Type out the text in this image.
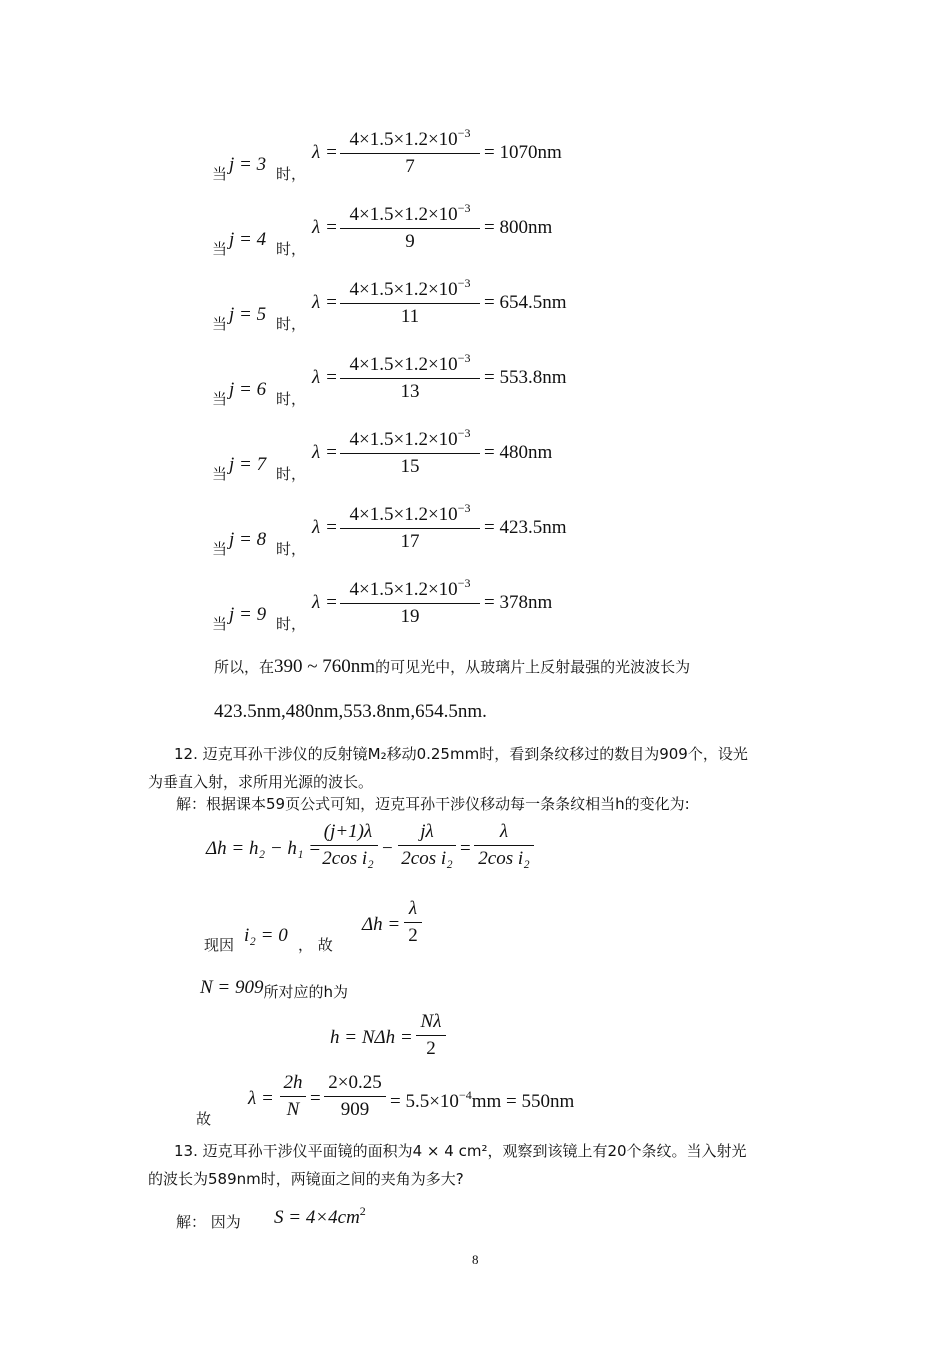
当 j = 3 时，
$\lambda = \frac{4\times 1.5\times 1.2\times 10^{-3}}{7} = 1070nm$
当 j = 4 时，
$\lambda = \frac{4\times 1.5\times 1.2\times 10^{-3}}{9} = 800nm$
当 j = 5 时，
$\lambda = \frac{4\times 1.5\times 1.2\times 10^{-3}}{11} = 654.5nm$
当 j = 6 时，
$\lambda = \frac{4\times 1.5\times 1.2\times 10^{-3}}{13} = 553.8nm$
当 j = 7 时，
$\lambda = \frac{4\times 1.5\times 1.2\times 10^{-3}}{15} = 480nm$
当 j = 8 时，
$\lambda = \frac{4\times 1.5\times 1.2\times 10^{-3}}{17} = 423.5nm$
当 j = 9 时，
$\lambda = \frac{4\times 1.5\times 1.2\times 10^{-3}}{19} = 378nm$
所以，在390 ~ 760nm的可见光中，从玻璃片上反射最强的光波波长为
423.5nm,480nm,553.8nm,654.5nm.
12. 迈克耳孙干涉仪的反射镜M₂移动0.25mm时，看到条纹移过的数目为909个，设光
为垂直入射，求所用光源的波长。
解：根据课本59页公式可知，迈克耳孙干涉仪移动每一条条纹相当h的变化为:
Δh = h₂ − h₁ =
$\frac{(j+1)\lambda}{\text{2cos i₂}} - \frac{j\lambda}{\text{2cos i₂}} = \frac{\lambda}{\text{2cos i₂}}$
现因 i₂ = 0 ， 故
$\Delta h = \frac{\lambda}{2}$
N = 909所对应的h为
$h = N\Delta h = \frac{N\lambda}{2}$
故
$\lambda = \frac{2h}{N} = \frac{2\times 0.25}{909} = 5.5\times 10^{-4}mm = 550nm$
13. 迈克耳孙干涉仪平面镜的面积为4 × 4 cm²，观察到该镜上有20个条纹。当入射光
的波长为589nm时，两镜面之间的夹角为多大?
解： 因为 $S = 4\times 4cm^2$
8
